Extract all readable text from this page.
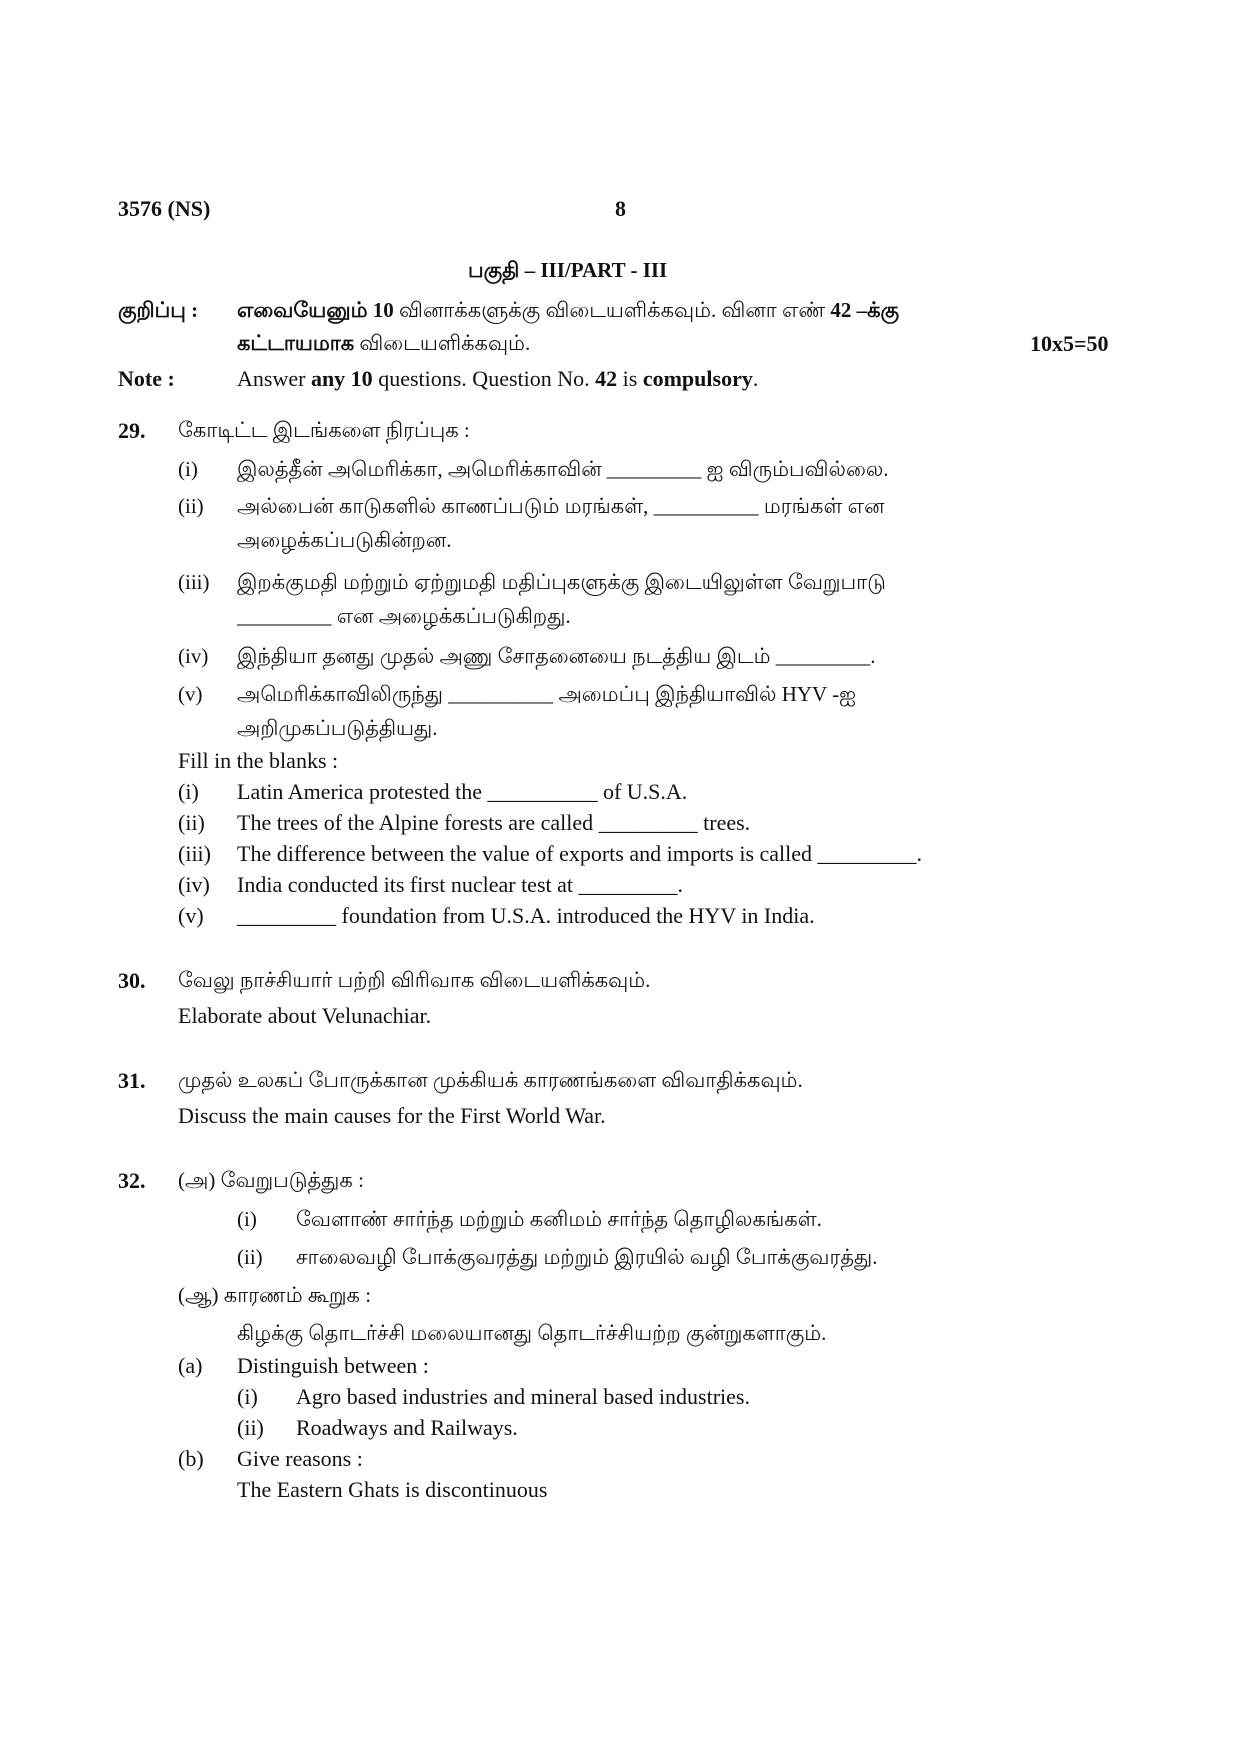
3576 (NS)	8
பகுதி – III/PART - III
குறிப்பு : எவையேனும் 10 வினாக்களுக்கு விடையளிக்கவும். வினா எண் 42 –க்கு
கட்டாயமாக விடையளிக்கவும்.	10x5=50
Note :	Answer any 10 questions. Question No. 42 is compulsory.
29. கோடிட்ட இடங்களை நிரப்புக :
(i) இலத்தீன் அமெரிக்கா, அமெரிக்காவின் _________ ஐ விரும்பவில்லை.
(ii) அல்பைன் காடுகளில் காணப்படும் மரங்கள், __________ மரங்கள் என
அழைக்கப்படுகின்றன.
(iii) இறக்குமதி மற்றும் ஏற்றுமதி மதிப்புகளுக்கு இடையிலுள்ள வேறுபாடு
_________ என அழைக்கப்படுகிறது.
(iv) இந்தியா தனது முதல் அணு சோதனையை நடத்திய இடம் _________.
(v) அமெரிக்காவிலிருந்து __________ அமைப்பு இந்தியாவில் HYV -ஐ
அறிமுகப்படுத்தியது.
Fill in the blanks :
(i) Latin America protested the __________ of U.S.A.
(ii) The trees of the Alpine forests are called _________ trees.
(iii) The difference between the value of exports and imports is called _________.
(iv) India conducted its first nuclear test at _________.
(v) _________ foundation from U.S.A. introduced the HYV in India.
30. வேலு நாச்சியார் பற்றி விரிவாக விடையளிக்கவும்.
Elaborate about Velunachiar.
31. முதல் உலகப் போருக்கான முக்கியக் காரணங்களை விவாதிக்கவும்.
Discuss the main causes for the First World War.
32. (அ) வேறுபடுத்துக :
(i) வேளாண் சார்ந்த மற்றும் கனிமம் சார்ந்த தொழிலகங்கள்.
(ii) சாலைவழி போக்குவரத்து மற்றும் இரயில் வழி போக்குவரத்து.
(ஆ) காரணம் கூறுக :
கிழக்கு தொடர்ச்சி மலையானது தொடர்ச்சியற்ற குன்றுகளாகும்.
(a) Distinguish between :
(i) Agro based industries and mineral based industries.
(ii) Roadways and Railways.
(b) Give reasons :
The Eastern Ghats is discontinuous
